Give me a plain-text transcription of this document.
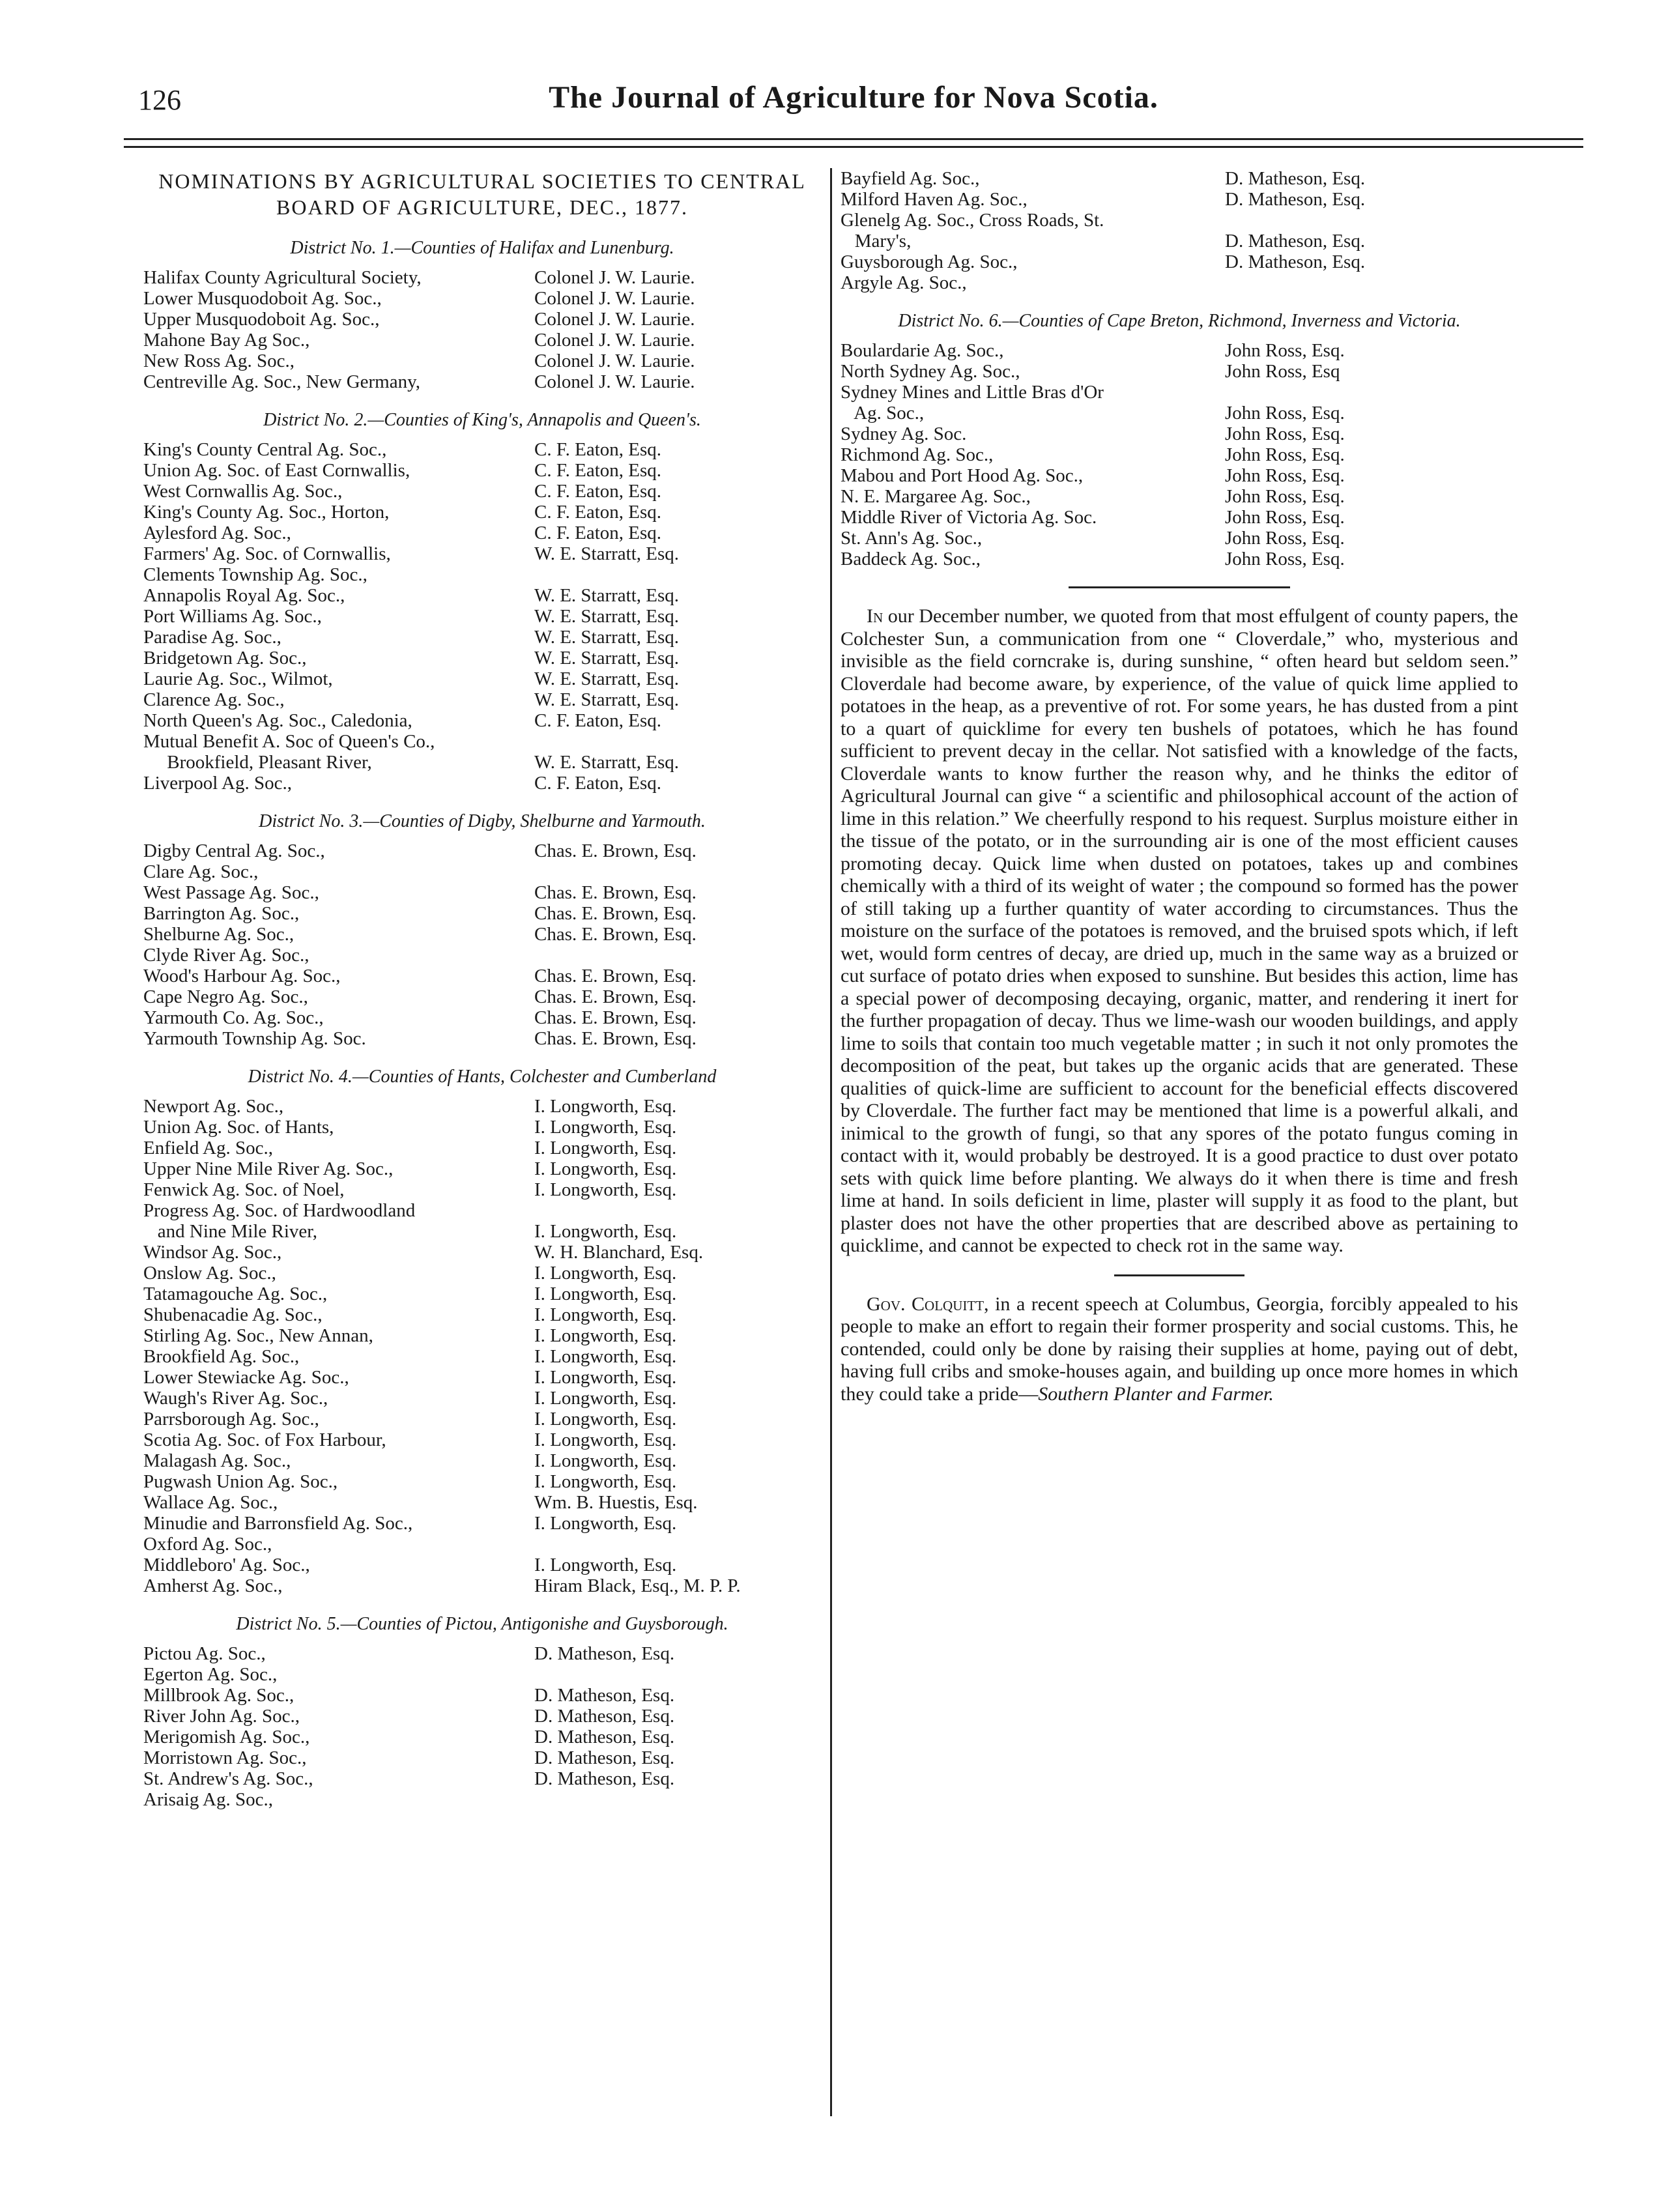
126	The Journal of Agriculture for Nova Scotia.
NOMINATIONS BY AGRICULTURAL SOCIETIES TO CENTRAL BOARD OF AGRICULTURE, DEC., 1877.
District No. 1.—Counties of Halifax and Lunenburg.
Halifax County Agricultural Society,	Colonel J. W. Laurie.
Lower Musquodoboit Ag. Soc.,	Colonel J. W. Laurie.
Upper Musquodoboit Ag. Soc.,	Colonel J. W. Laurie.
Mahone Bay Ag Soc.,	Colonel J. W. Laurie.
New Ross Ag. Soc.,	Colonel J. W. Laurie.
Centreville Ag. Soc., New Germany,	Colonel J. W. Laurie.
District No. 2.—Counties of King's, Annapolis and Queen's.
King's County Central Ag. Soc.,	C. F. Eaton, Esq.
Union Ag. Soc. of East Cornwallis,	C. F. Eaton, Esq.
West Cornwallis Ag. Soc.,	C. F. Eaton, Esq.
King's County Ag. Soc., Horton,	C. F. Eaton, Esq.
Aylesford Ag. Soc.,	C. F. Eaton, Esq.
Farmers' Ag. Soc. of Cornwallis,	W. E. Starratt, Esq.
Clements Township Ag. Soc.,
Annapolis Royal Ag. Soc.,	W. E. Starratt, Esq.
Port Williams Ag. Soc.,	W. E. Starratt, Esq.
Paradise Ag. Soc.,	W. E. Starratt, Esq.
Bridgetown Ag. Soc.,	W. E. Starratt, Esq.
Laurie Ag. Soc., Wilmot,	W. E. Starratt, Esq.
Clarence Ag. Soc.,	W. E. Starratt, Esq.
North Queen's Ag. Soc., Caledonia,	C. F. Eaton, Esq.
Mutual Benefit A. Soc of Queen's Co.,
Brookfield, Pleasant River,	W. E. Starratt, Esq.
Liverpool Ag. Soc.,	C. F. Eaton, Esq.
District No. 3.—Counties of Digby, Shelburne and Yarmouth.
Digby Central Ag. Soc.,	Chas. E. Brown, Esq.
Clare Ag. Soc.,
West Passage Ag. Soc.,	Chas. E. Brown, Esq.
Barrington Ag. Soc.,	Chas. E. Brown, Esq.
Shelburne Ag. Soc.,	Chas. E. Brown, Esq.
Clyde River Ag. Soc.,
Wood's Harbour Ag. Soc.,	Chas. E. Brown, Esq.
Cape Negro Ag. Soc.,	Chas. E. Brown, Esq.
Yarmouth Co. Ag. Soc.,	Chas. E. Brown, Esq.
Yarmouth Township Ag. Soc.	Chas. E. Brown, Esq.
District No. 4.—Counties of Hants, Colchester and Cumberland
Newport Ag. Soc.,	I. Longworth, Esq.
Union Ag. Soc. of Hants,	I. Longworth, Esq.
Enfield Ag. Soc.,	I. Longworth, Esq.
Upper Nine Mile River Ag. Soc.,	I. Longworth, Esq.
Fenwick Ag. Soc. of Noel,	I. Longworth, Esq.
Progress Ag. Soc. of Hardwoodland
and Nine Mile River,	I. Longworth, Esq.
Windsor Ag. Soc.,	W. H. Blanchard, Esq.
Onslow Ag. Soc.,	I. Longworth, Esq.
Tatamagouche Ag. Soc.,	I. Longworth, Esq.
Shubenacadie Ag. Soc.,	I. Longworth, Esq.
Stirling Ag. Soc., New Annan,	I. Longworth, Esq.
Brookfield Ag. Soc.,	I. Longworth, Esq.
Lower Stewiacke Ag. Soc.,	I. Longworth, Esq.
Waugh's River Ag. Soc.,	I. Longworth, Esq.
Parrsborough Ag. Soc.,	I. Longworth, Esq.
Scotia Ag. Soc. of Fox Harbour,	I. Longworth, Esq.
Malagash Ag. Soc.,	I. Longworth, Esq.
Pugwash Union Ag. Soc.,	I. Longworth, Esq.
Wallace Ag. Soc.,	Wm. B. Huestis, Esq.
Minudie and Barronsfield Ag. Soc.,	I. Longworth, Esq.
Oxford Ag. Soc.,
Middleboro' Ag. Soc.,	I. Longworth, Esq.
Amherst Ag. Soc.,	Hiram Black, Esq., M. P. P.
District No. 5.—Counties of Pictou, Antigonishe and Guysborough.
Pictou Ag. Soc.,	D. Matheson, Esq.
Egerton Ag. Soc.,
Millbrook Ag. Soc.,	D. Matheson, Esq.
River John Ag. Soc.,	D. Matheson, Esq.
Merigomish Ag. Soc.,	D. Matheson, Esq.
Morristown Ag. Soc.,	D. Matheson, Esq.
St. Andrew's Ag. Soc.,	D. Matheson, Esq.
Arisaig Ag. Soc.,
Bayfield Ag. Soc.,	D. Matheson, Esq.
Milford Haven Ag. Soc.,	D. Matheson, Esq.
Glenelg Ag. Soc., Cross Roads, St.
Mary's,	D. Matheson, Esq.
Guysborough Ag. Soc.,	D. Matheson, Esq.
Argyle Ag. Soc.,
District No. 6.—Counties of Cape Breton, Richmond, Inverness and Victoria.
Boulardarie Ag. Soc.,	John Ross, Esq.
North Sydney Ag. Soc.,	John Ross, Esq
Sydney Mines and Little Bras d'Or
Ag. Soc.,	John Ross, Esq.
Sydney Ag. Soc.	John Ross, Esq.
Richmond Ag. Soc.,	John Ross, Esq.
Mabou and Port Hood Ag. Soc.,	John Ross, Esq.
N. E. Margaree Ag. Soc.,	John Ross, Esq.
Middle River of Victoria Ag. Soc.	John Ross, Esq.
St. Ann's Ag. Soc.,	John Ross, Esq.
Baddeck Ag. Soc.,	John Ross, Esq.

In our December number, we quoted from that most effulgent of county papers, the Colchester Sun, a communication from one “ Cloverdale,” who, mysterious and invisible as the field corncrake is, during sunshine, “ often heard but seldom seen.” Cloverdale had become aware, by experience, of the value of quick lime applied to potatoes in the heap, as a preventive of rot. For some years, he has dusted from a pint to a quart of quicklime for every ten bushels of potatoes, which he has found sufficient to prevent decay in the cellar. Not satisfied with a knowledge of the facts, Cloverdale wants to know further the reason why, and he thinks the editor of Agricultural Journal can give “ a scientific and philosophical account of the action of lime in this relation.” We cheerfully respond to his request. Surplus moisture either in the tissue of the potato, or in the surrounding air is one of the most efficient causes promoting decay. Quick lime when dusted on potatoes, takes up and combines chemically with a third of its weight of water ; the compound so formed has the power of still taking up a further quantity of water according to circumstances. Thus the moisture on the surface of the potatoes is removed, and the bruised spots which, if left wet, would form centres of decay, are dried up, much in the same way as a bruized or cut surface of potato dries when exposed to sunshine. But besides this action, lime has a special power of decomposing decaying, organic, matter, and rendering it inert for the further propagation of decay. Thus we lime-wash our wooden buildings, and apply lime to soils that contain too much vegetable matter ; in such it not only promotes the decomposition of the peat, but takes up the organic acids that are generated. These qualities of quick-lime are sufficient to account for the beneficial effects discovered by Cloverdale. The further fact may be mentioned that lime is a powerful alkali, and inimical to the growth of fungi, so that any spores of the potato fungus coming in contact with it, would probably be destroyed. It is a good practice to dust over potato sets with quick lime before planting. We always do it when there is time and fresh lime at hand. In soils deficient in lime, plaster will supply it as food to the plant, but plaster does not have the other properties that are described above as pertaining to quicklime, and cannot be expected to check rot in the same way.

Gov. Colquitt, in a recent speech at Columbus, Georgia, forcibly appealed to his people to make an effort to regain their former prosperity and social customs. This, he contended, could only be done by raising their supplies at home, paying out of debt, having full cribs and smoke-houses again, and building up once more homes in which they could take a pride—Southern Planter and Farmer.
